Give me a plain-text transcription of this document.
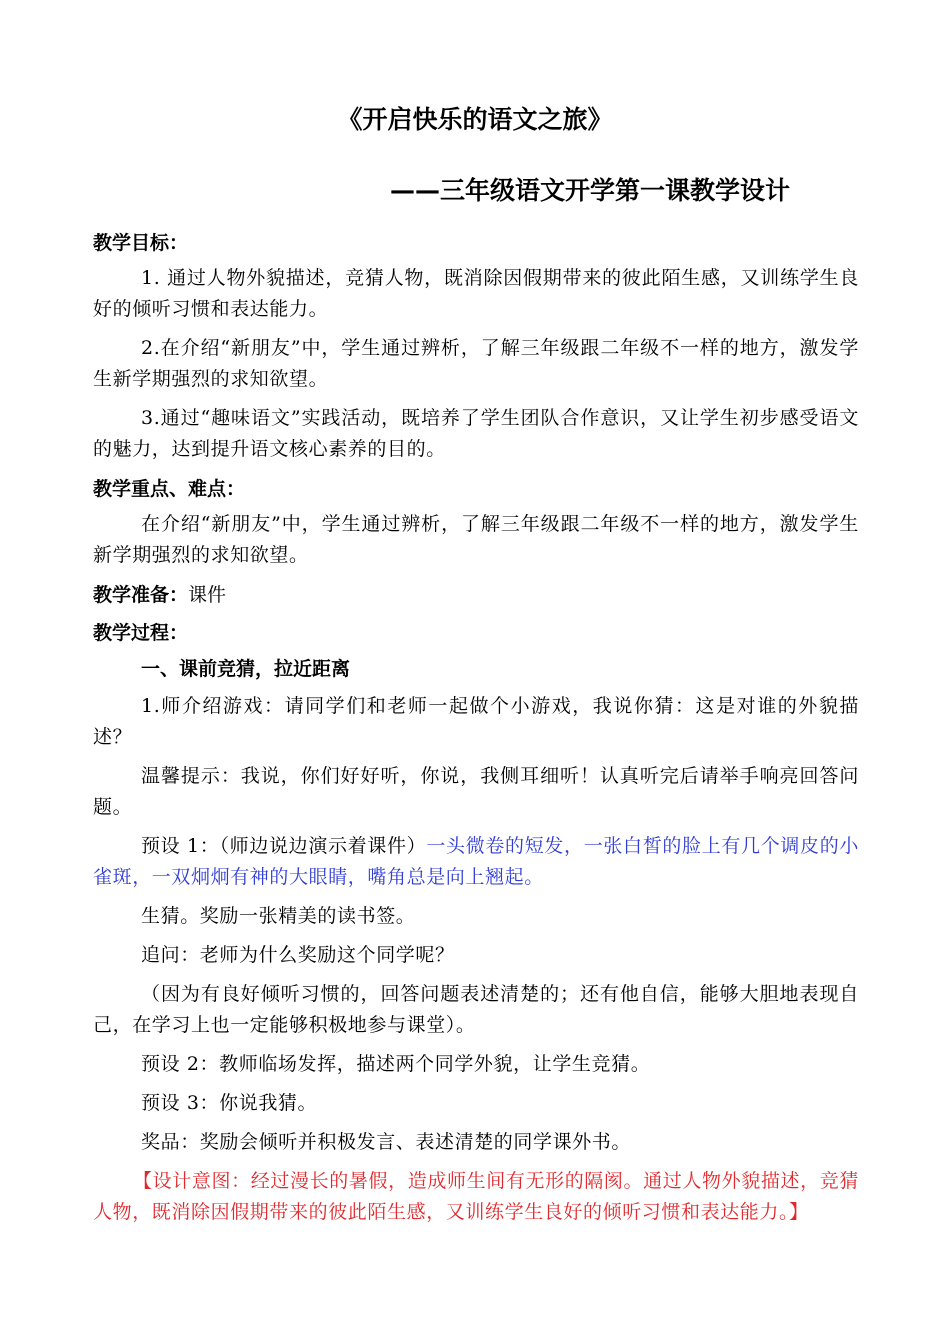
《开启快乐的语文之旅》
——三年级语文开学第一课教学设计
教学目标：

1. 通过人物外貌描述，竞猜人物，既消除因假期带来的彼此陌生感，又训练学生良好的倾听习惯和表达能力。

2.在介绍“新朋友”中，学生通过辨析，了解三年级跟二年级不一样的地方，激发学生新学期强烈的求知欲望。

3.通过“趣味语文”实践活动，既培养了学生团队合作意识，又让学生初步感受语文的魅力，达到提升语文核心素养的目的。

教学重点、难点：

在介绍“新朋友”中，学生通过辨析，了解三年级跟二年级不一样的地方，激发学生新学期强烈的求知欲望。

教学准备：课件
教学过程：
一、课前竞猜，拉近距离

1.师介绍游戏：请同学们和老师一起做个小游戏，我说你猜：这是对谁的外貌描述？

温馨提示：我说，你们好好听，你说，我侧耳细听！认真听完后请举手响亮回答问题。

预设 1：（师边说边演示着课件）一头微卷的短发，一张白皙的脸上有几个调皮的小雀斑，一双炯炯有神的大眼睛，嘴角总是向上翘起。

生猜。奖励一张精美的读书签。

追问：老师为什么奖励这个同学呢？

（因为有良好倾听习惯的，回答问题表述清楚的；还有他自信，能够大胆地表现自己，在学习上也一定能够积极地参与课堂）。

预设 2：教师临场发挥，描述两个同学外貌，让学生竞猜。

预设 3：你说我猜。

奖品：奖励会倾听并积极发言、表述清楚的同学课外书。

【设计意图：经过漫长的暑假，造成师生间有无形的隔阂。通过人物外貌描述，竞猜人物，既消除因假期带来的彼此陌生感，又训练学生良好的倾听习惯和表达能力。】
